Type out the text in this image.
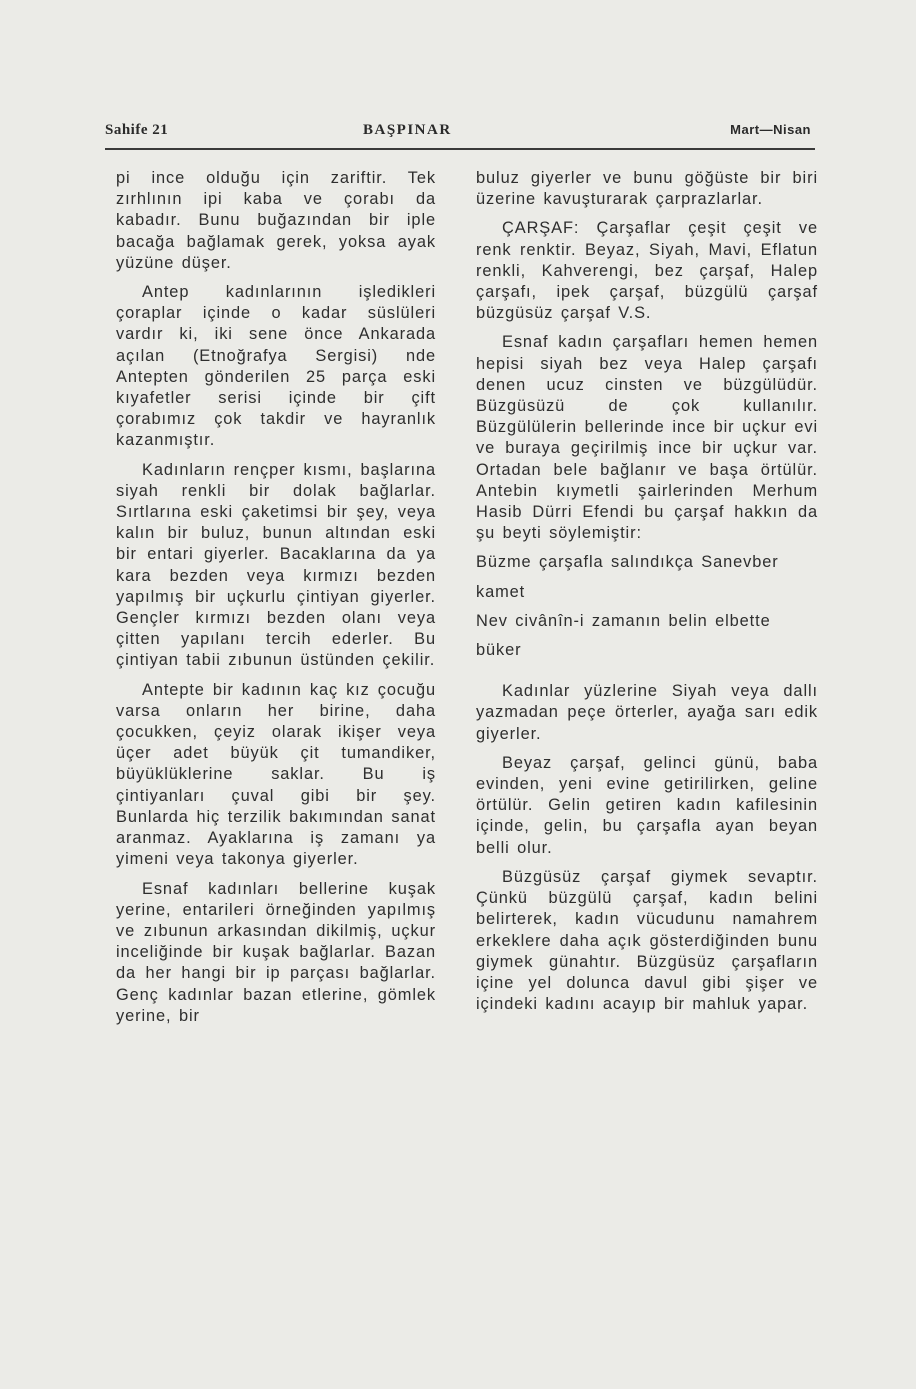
Sahife 21	BAŞPINAR	Mart—Nisan

pi ince olduğu için zariftir. Tek zırhlının ipi kaba ve çorabı da kabadır. Bunu buğazından bir iple bacağa bağlamak gerek, yoksa ayak yüzüne düşer.

Antep kadınlarının işledikleri çoraplar içinde o kadar süslüleri vardır ki, iki sene önce Ankarada açılan (Etnoğrafya Sergisi) nde Antepten gönderilen 25 parça eski kıyafetler serisi içinde bir çift çorabımız çok takdir ve hayranlık kazanmıştır.

Kadınların rençper kısmı, başlarına siyah renkli bir dolak bağlarlar. Sırtlarına eski çaketimsi bir şey, veya kalın bir buluz, bunun altından eski bir entari giyerler. Bacaklarına da ya kara bezden veya kırmızı bezden yapılmış bir uçkurlu çintiyan giyerler. Gençler kırmızı bezden olanı veya çitten yapılanı tercih ederler. Bu çintiyan tabii zıbunun üstünden çekilir.

Antepte bir kadının kaç kız çocuğu varsa onların her birine, daha çocukken, çeyiz olarak ikişer veya üçer adet büyük çit tumandiker, büyüklüklerine saklar. Bu iş çintiyanları çuval gibi bir şey. Bunlarda hiç terzilik bakımından sanat aranmaz. Ayaklarına iş zamanı ya yimeni veya takonya giyerler.

Esnaf kadınları bellerine kuşak yerine, entarileri örneğinden yapılmış ve zıbunun arkasından dikilmiş, uçkur inceliğinde bir kuşak bağlarlar. Bazan da her hangi bir ip parçası bağlarlar. Genç kadınlar bazan etlerine, gömlek yerine, bir

buluz giyerler ve bunu göğüste bir biri üzerine kavuşturarak çarprazlarlar.

ÇARŞAF: Çarşaflar çeşit çeşit ve renk renktir. Beyaz, Siyah, Mavi, Eflatun renkli, Kahverengi, bez çarşaf, Halep çarşafı, ipek çarşaf, büzgülü çarşaf büzgüsüz çarşaf V.S.

Esnaf kadın çarşafları hemen hemen hepisi siyah bez veya Halep çarşafı denen ucuz cinsten ve büzgülüdür. Büzgüsüzü de çok kullanılır. Büzgülülerin bellerinde ince bir uçkur evi ve buraya geçirilmiş ince bir uçkur var. Ortadan bele bağlanır ve başa örtülür. Antebin kıymetli şairlerinden Merhum Hasib Dürri Efendi bu çarşaf hakkın da şu beyti söylemiştir:

Büzme çarşafla salındıkça Sanevber

kamet

Nev civânîn-i zamanın belin elbette

büker

Kadınlar yüzlerine Siyah veya dallı yazmadan peçe örterler, ayağa sarı edik giyerler.

Beyaz çarşaf, gelinci günü, baba evinden, yeni evine getirilirken, geline örtülür. Gelin getiren kadın kafilesinin içinde, gelin, bu çarşafla ayan beyan belli olur.

Büzgüsüz çarşaf giymek sevaptır. Çünkü büzgülü çarşaf, kadın belini belirterek, kadın vücudunu namahrem erkeklere daha açık gösterdiğinden bunu giymek günahtır. Büzgüsüz çarşafların içine yel dolunca davul gibi şişer ve içindeki kadını acayıp bir mahluk yapar.
